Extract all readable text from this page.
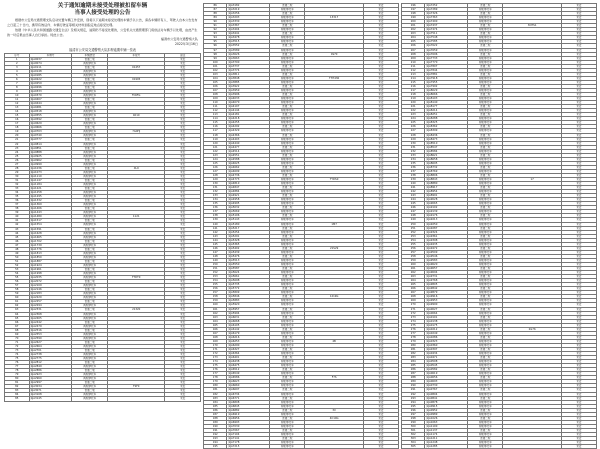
关于通知逾期未接受处理被扣留车辆
当事人接受处理的公告
根据市公安局交通管理支队启动处置车辆工作安排，现将以下逾期未接受处理的车辆予以公告，请各车辆所有人、驾驶人自本公告发布之日起三十日内，携带有效证件、车辆行驶证等相关材料到指定地点接受处理。
依据《中华人民共和国道路交通安全法》及相关规定，逾期仍不接受处理的，公安机关交通管理部门将依法对车辆予以处理，由此产生的一切后果由当事人自行承担。特此公告。
福清市公安局交通警察大队
2022年3月16日
福清市公安局交通警察大队扣押逾期车辆一览表
序号	车牌号	车辆类型	车架号	备注
1	闽A0037	普通二轮		未处
2	闽A0074	两轮摩托车		未处
3	闽A0111	普通二轮	01457	未处
4	闽A0148	两轮摩托车		未处
5	闽A0185	两轮摩托车		未处
6	闽A0222	普通二轮	01905	未处
7	闽A0259	两轮摩托车		未处
8	闽A0296	普通二轮		未处
9	闽A0333	两轮摩托车		未处
10	闽A0370	两轮摩托车	FC6FG	未处
11	闽A0407	普通二轮		未处
12	闽A0444	两轮摩托车		未处
13	闽A0481	普通二轮		未处
14	闽A0518	两轮摩托车		未处
15	闽A0555	两轮摩托车	4010	未处
16	闽A0592	普通二轮		未处
17	闽A0629	两轮摩托车		未处
18	闽A0666	普通二轮		未处
19	闽A0703	两轮摩托车	7G0HJ	未处
20	闽A0740	两轮摩托车		未处
21	闽A0777	普通二轮		未处
22	闽A0814	两轮摩托车		未处
23	闽A0851	普通二轮		未处
24	闽A0888	两轮摩托车		未处
25	闽A0925	两轮摩托车		未处
26	闽A0962	普通二轮		未处
27	闽A0999	两轮摩托车		未处
28	闽A1036	普通二轮	XL9	未处
29	闽A1073	两轮摩托车		未处
30	闽A1110	两轮摩托车		未处
31	闽A1147	普通二轮		未处
32	闽A1184	两轮摩托车		未处
33	闽A1221	普通二轮		未处
34	闽A1258	两轮摩托车		未处
35	闽A1295	两轮摩托车		未处
36	闽A1332	普通二轮		未处
37	闽A1369	两轮摩托车		未处
38	闽A1406	普通二轮		未处
39	闽A1443	两轮摩托车		未处
40	闽A1480	两轮摩托车	1121	未处
41	闽A1517	普通二轮		未处
42	闽A1554	两轮摩托车		未处
43	闽A1591	普通二轮		未处
44	闽A1628	两轮摩托车		未处
45	闽A1665	两轮摩托车		未处
46	闽A1702	普通二轮		未处
47	闽A1739	两轮摩托车		未处
48	闽A1776	普通二轮		未处
49	闽A1813	两轮摩托车		未处
50	闽A1850	两轮摩托车		未处
51	闽A1887	普通二轮		未处
52	闽A1924	两轮摩托车		未处
53	闽A1961	普通二轮		未处
54	闽A1998	两轮摩托车		未处
55	闽A2035	两轮摩托车	TTDT0	未处
56	闽A2072	普通二轮		未处
57	闽A2109	两轮摩托车		未处
58	闽A2146	普通二轮		未处
59	闽A2183	两轮摩托车		未处
60	闽A2220	两轮摩托车		未处
61	闽A2257	普通二轮		未处
62	闽A2294	两轮摩托车		未处
63	闽A2331	普通二轮	21320	未处
64	闽A2368	两轮摩托车		未处
65	闽A2405	两轮摩托车		未处
66	闽A2442	普通二轮		未处
67	闽A2479	两轮摩托车		未处
68	闽A2516	普通二轮		未处
69	闽A2553	两轮摩托车		未处
70	闽A2590	两轮摩托车		未处
71	闽A2627	普通二轮		未处
72	闽A2664	两轮摩托车		未处
73	闽A2701	普通二轮		未处
74	闽A2738	两轮摩托车		未处
75	闽A2775	两轮摩托车		未处
76	闽A2812	普通二轮		未处
77	闽A2849	两轮摩托车		未处
78	闽A2886	普通二轮		未处
79	闽A2923	两轮摩托车		未处
80	闽A2960	两轮摩托车		未处
81	闽A2997	普通二轮		未处
82	闽A3034	两轮摩托车	TSF0	未处
83	闽A3071	普通二轮		未处
84	闽A3108	两轮摩托车		未处
85	闽A3145	两轮摩托车		未处
86	闽A3182	普通二轮		未处
87	闽A3219	两轮摩托车		未处
88	闽A3256	普通二轮		未处
89	闽A3293	两轮摩托车	13317	未处
90	闽A3330	两轮摩托车		未处
91	闽A3367	普通二轮		未处
92	闽A3404	两轮摩托车		未处
93	闽A3441	普通二轮		未处
94	闽A3478	两轮摩托车		未处
95	闽A3515	两轮摩托车		未处
96	闽A3552	普通二轮		未处
97	闽A3589	两轮摩托车		未处
98	闽A3626	普通二轮	4S70	未处
99	闽A3663	两轮摩托车		未处
100	闽A3700	两轮摩托车		未处
101	闽A3737	普通二轮		未处
102	闽A3774	两轮摩托车		未处
103	闽A3811	普通二轮		未处
104	闽A3848	两轮摩托车	T7H436	未处
105	闽A3885	两轮摩托车		未处
106	闽A3922	普通二轮		未处
107	闽A3959	两轮摩托车		未处
108	闽A3996	普通二轮		未处
109	闽A4033	两轮摩托车		未处
110	闽A4070	两轮摩托车		未处
111	闽A4107	普通二轮		未处
112	闽A4144	两轮摩托车		未处
113	闽A4181	普通二轮		未处
114	闽A4218	两轮摩托车		未处
115	闽A4255	两轮摩托车		未处
116	闽A4292	普通二轮		未处
117	闽A4329	两轮摩托车		未处
118	闽A4366	普通二轮		未处
119	闽A4403	两轮摩托车		未处
120	闽A4440	两轮摩托车		未处
121	闽A4477	普通二轮		未处
122	闽A4514	两轮摩托车		未处
123	闽A4551	普通二轮		未处
124	闽A4588	两轮摩托车		未处
125	闽A4625	两轮摩托车		未处
126	闽A4662	普通二轮		未处
127	闽A4699	两轮摩托车		未处
128	闽A4736	普通二轮		未处
129	闽A4773	两轮摩托车	TYDS0	未处
130	闽A4810	两轮摩托车		未处
131	闽A4847	普通二轮		未处
132	闽A4884	两轮摩托车		未处
133	闽A4921	普通二轮		未处
134	闽A4958	两轮摩托车		未处
135	闽A4995	两轮摩托车		未处
136	闽A5032	普通二轮		未处
137	闽A5069	两轮摩托车		未处
138	闽A5106	普通二轮		未处
139	闽A5143	两轮摩托车		未处
140	闽A5180	两轮摩托车	1M7	未处
141	闽A5217	普通二轮		未处
142	闽A5254	两轮摩托车		未处
143	闽A5291	普通二轮		未处
144	闽A5328	两轮摩托车		未处
145	闽A5365	两轮摩托车		未处
146	闽A5402	普通二轮	21S29	未处
147	闽A5439	两轮摩托车		未处
148	闽A5476	普通二轮		未处
149	闽A5513	两轮摩托车		未处
150	闽A5550	两轮摩托车		未处
151	闽A5587	普通二轮		未处
152	闽A5624	两轮摩托车		未处
153	闽A5661	普通二轮		未处
154	闽A5698	两轮摩托车		未处
155	闽A5735	两轮摩托车		未处
156	闽A5772	普通二轮		未处
157	闽A5809	两轮摩托车		未处
158	闽A5846	普通二轮	1219G	未处
159	闽A5883	两轮摩托车		未处
160	闽A5920	两轮摩托车		未处
161	闽A5957	普通二轮		未处
162	闽A5994	两轮摩托车		未处
163	闽A6031	普通二轮		未处
164	闽A6068	两轮摩托车		未处
165	闽A6105	两轮摩托车		未处
166	闽A6142	普通二轮		未处
167	闽A6179	两轮摩托车		未处
168	闽A6216	普通二轮		未处
169	闽A6253	两轮摩托车	4B	未处
170	闽A6290	两轮摩托车		未处
171	闽A6327	普通二轮		未处
172	闽A6364	两轮摩托车		未处
173	闽A6401	普通二轮		未处
174	闽A6438	两轮摩托车		未处
175	闽A6475	两轮摩托车		未处
176	闽A6512	普通二轮		未处
177	闽A6549	两轮摩托车		未处
178	闽A6586	普通二轮	F7S	未处
179	闽A6623	两轮摩托车		未处
180	闽A6660	两轮摩托车		未处
181	闽A6697	普通二轮		未处
182	闽A6734	两轮摩托车		未处
183	闽A6771	普通二轮		未处
184	闽A6808	两轮摩托车		未处
185	闽A6845	两轮摩托车		未处
186	闽A6882	普通二轮	3X	未处
187	闽A6919	两轮摩托车		未处
188	闽A6956	普通二轮	4C10G	未处
189	闽A6993	两轮摩托车		未处
190	闽A7030	两轮摩托车		未处
191	闽A7067	普通二轮		未处
192	闽A7104	两轮摩托车		未处
193	闽A7141	普通二轮		未处
194	闽A7178	两轮摩托车		未处
195	闽A7215	两轮摩托车		未处
196	闽A7252	普通二轮		未处
197	闽A7289	两轮摩托车		未处
198	闽A7326	普通二轮		未处
199	闽A7363	两轮摩托车		未处
200	闽A7400	两轮摩托车		未处
201	闽A7437	普通二轮	3CHS1	未处
202	闽A7474	两轮摩托车		未处
203	闽A7511	普通二轮		未处
204	闽A7548	两轮摩托车		未处
205	闽A7585	两轮摩托车		未处
206	闽A7622	普通二轮		未处
207	闽A7659	两轮摩托车		未处
208	闽A7696	普通二轮		未处
209	闽A7733	两轮摩托车		未处
210	闽A7770	两轮摩托车		未处
211	闽A7807	普通二轮		未处
212	闽A7844	两轮摩托车		未处
213	闽A7881	普通二轮		未处
214	闽A7918	两轮摩托车		未处
215	闽A7955	两轮摩托车		未处
216	闽A7992	普通二轮		未处
217	闽A8029	两轮摩托车		未处
218	闽A8066	普通二轮		未处
219	闽A8103	两轮摩托车		未处
220	闽A8140	两轮摩托车		未处
221	闽A8177	普通二轮		未处
222	闽A8214	两轮摩托车		未处
223	闽A8251	普通二轮		未处
224	闽A8288	两轮摩托车		未处
225	闽A8325	两轮摩托车		未处
226	闽A8362	普通二轮		未处
227	闽A8399	两轮摩托车		未处
228	闽A8436	普通二轮		未处
229	闽A8473	两轮摩托车		未处
230	闽A8510	两轮摩托车		未处
231	闽A8547	普通二轮		未处
232	闽A8584	两轮摩托车		未处
233	闽A8621	普通二轮		未处
234	闽A8658	两轮摩托车		未处
235	闽A8695	两轮摩托车		未处
236	闽A8732	普通二轮		未处
237	闽A8769	两轮摩托车		未处
238	闽A8806	普通二轮		未处
239	闽A8843	两轮摩托车	17	未处
240	闽A8880	两轮摩托车		未处
241	闽A8917	普通二轮		未处
242	闽A8954	两轮摩托车		未处
243	闽A8991	普通二轮		未处
244	闽A9028	两轮摩托车		未处
245	闽A9065	两轮摩托车		未处
246	闽A9102	普通二轮		未处
247	闽A9139	两轮摩托车		未处
248	闽A9176	普通二轮		未处
249	闽A9213	两轮摩托车		未处
250	闽A9250	两轮摩托车		未处
251	闽A9287	普通二轮		未处
252	闽A9324	两轮摩托车		未处
253	闽A9361	普通二轮		未处
254	闽A9398	两轮摩托车		未处
255	闽A9435	两轮摩托车		未处
256	闽A9472	普通二轮		未处
257	闽A9509	两轮摩托车		未处
258	闽A9546	普通二轮		未处
259	闽A9583	两轮摩托车		未处
260	闽A9620	两轮摩托车		未处
261	闽A9657	普通二轮		未处
262	闽A9694	两轮摩托车		未处
263	闽A9731	普通二轮		未处
264	闽A9768	两轮摩托车		未处
265	闽A9805	两轮摩托车		未处
266	闽A9842	普通二轮		未处
267	闽A9879	两轮摩托车		未处
268	闽A9916	普通二轮		未处
269	闽A9953	两轮摩托车		未处
270	闽A9990	两轮摩托车		未处
271	闽A0027	普通二轮		未处
272	闽A0064	两轮摩托车		未处
273	闽A0101	普通二轮		未处
274	闽A0138	两轮摩托车		未处
275	闽A0175	两轮摩托车		未处
276	闽A0212	普通二轮	2G76	未处
277	闽A0249	两轮摩托车		未处
278	闽A0286	普通二轮		未处
279	闽A0323	两轮摩托车		未处
280	闽A0360	两轮摩托车		未处
281	闽A0397	普通二轮		未处
282	闽A0434	两轮摩托车		未处
283	闽A0471	普通二轮		未处
284	闽A0508	两轮摩托车		未处
285	闽A0545	两轮摩托车		未处
286	闽A0582	普通二轮		未处
287	闽A0619	两轮摩托车		未处
288	闽A0656	普通二轮		未处
289	闽A0693	两轮摩托车		未处
290	闽A0730	两轮摩托车		未处
291	闽A0767	普通二轮		未处
292	闽A0804	两轮摩托车		未处
293	闽A0841	普通二轮		未处
294	闽A0878	两轮摩托车		未处
295	闽A0915	两轮摩托车		未处
296	闽A0952	普通二轮		未处
297	闽A0989	两轮摩托车		未处
298	闽A1026	普通二轮		未处
299	闽A1063	两轮摩托车		未处
300	闽A1100	两轮摩托车		未处
301	闽A1137	普通二轮		未处
302	闽A1174	两轮摩托车		未处
303	闽A1211	普通二轮		未处
304	闽A1248	两轮摩托车		未处
305	闽A1285	两轮摩托车		未处
